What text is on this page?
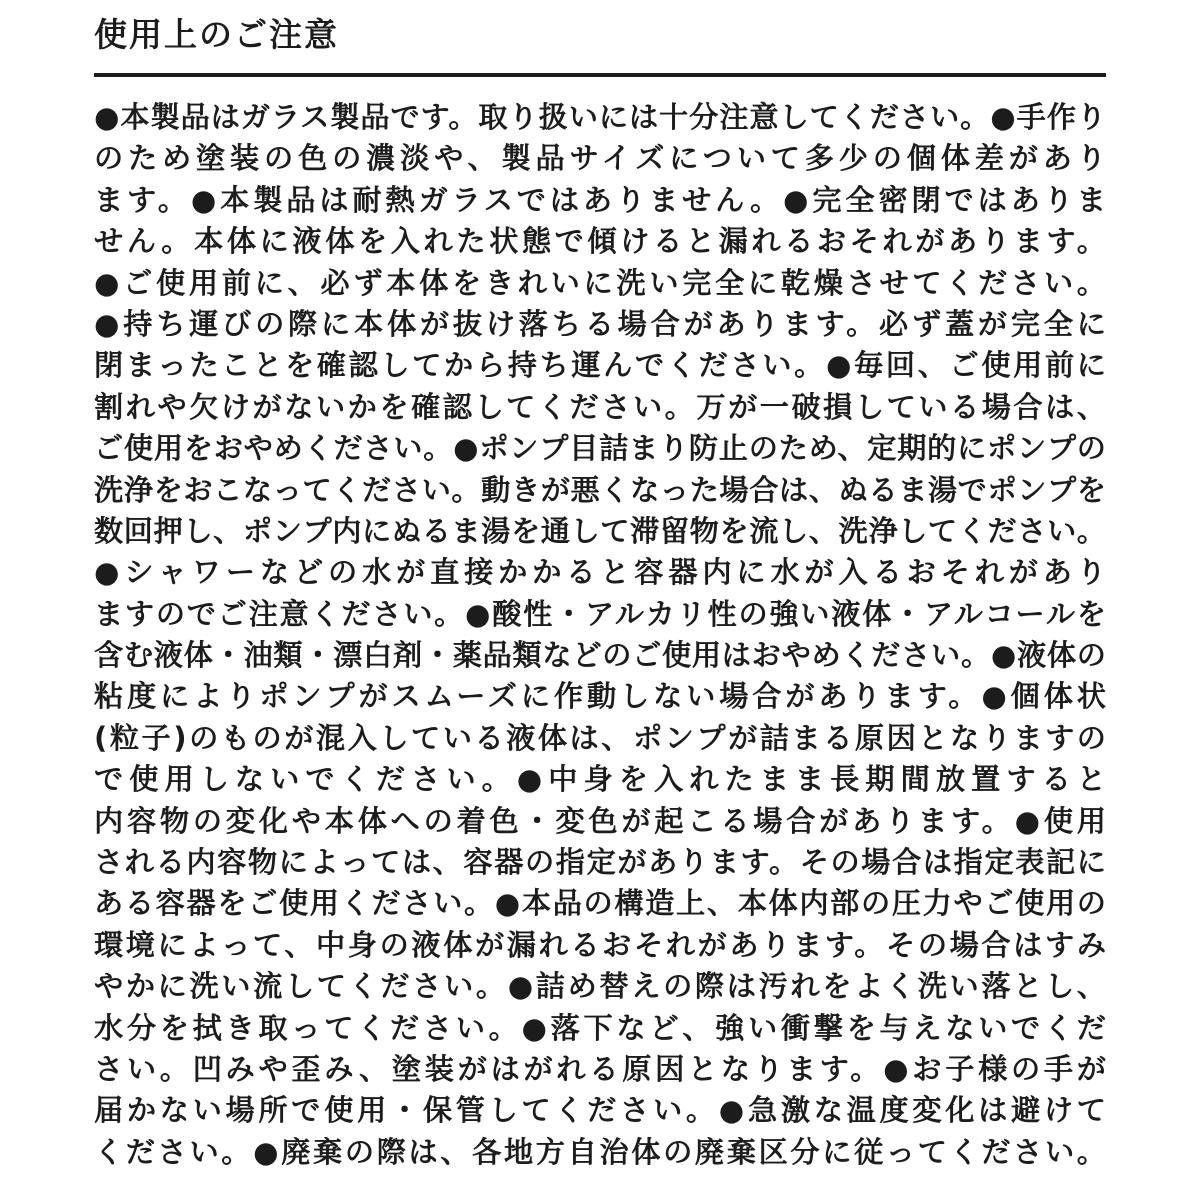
使用上のご注意
●本製品はガラス製品です。取り扱いには十分注意してください。●手作り
のため塗装の色の濃淡や、製品サイズについて多少の個体差があり
ます。●本製品は耐熱ガラスではありません。●完全密閉ではありま
せん。本体に液体を入れた状態で傾けると漏れるおそれがあります。
●ご使用前に、必ず本体をきれいに洗い完全に乾燥させてください。
●持ち運びの際に本体が抜け落ちる場合があります。必ず蓋が完全に
閉まったことを確認してから持ち運んでください。●毎回、ご使用前に
割れや欠けがないかを確認してください。万が一破損している場合は、
ご使用をおやめください。●ポンプ目詰まり防止のため、定期的にポンプの
洗浄をおこなってください。動きが悪くなった場合は、ぬるま湯でポンプを
数回押し、ポンプ内にぬるま湯を通して滞留物を流し、洗浄してください。
●シャワーなどの水が直接かかると容器内に水が入るおそれがあり
ますのでご注意ください。●酸性・アルカリ性の強い液体・アルコールを
含む液体・油類・漂白剤・薬品類などのご使用はおやめください。●液体の
粘度によりポンプがスムーズに作動しない場合があります。●個体状
(粒子)のものが混入している液体は、ポンプが詰まる原因となりますの
で使用しないでください。●中身を入れたまま長期間放置すると
内容物の変化や本体への着色・変色が起こる場合があります。●使用
される内容物によっては、容器の指定があります。その場合は指定表記に
ある容器をご使用ください。●本品の構造上、本体内部の圧力やご使用の
環境によって、中身の液体が漏れるおそれがあります。その場合はすみ
やかに洗い流してください。●詰め替えの際は汚れをよく洗い落とし、
水分を拭き取ってください。●落下など、強い衝撃を与えないでくだ
さい。凹みや歪み、塗装がはがれる原因となります。●お子様の手が
届かない場所で使用・保管してください。●急激な温度変化は避けて
ください。●廃棄の際は、各地方自治体の廃棄区分に従ってください。
